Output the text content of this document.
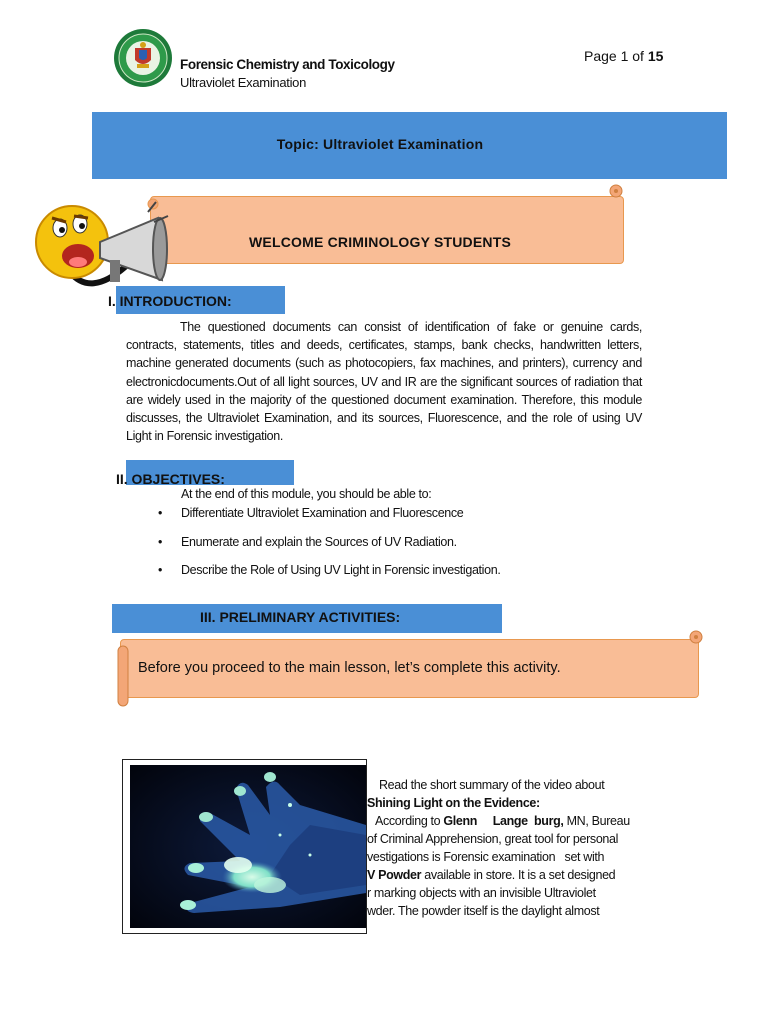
Forensic Chemistry and Toxicology
Ultraviolet Examination
Page 1 of 15
Topic: Ultraviolet Examination
WELCOME CRIMINOLOGY STUDENTS
I. INTRODUCTION:
The questioned documents can consist of identification of fake or genuine cards, contracts, statements, titles and deeds, certificates, stamps, bank checks, handwritten letters, machine generated documents (such as photocopiers, fax machines, and printers), currency and electronicdocuments.Out of all light sources, UV and IR are the significant sources of radiation that are widely used in the majority of the questioned document examination. Therefore, this module discusses, the Ultraviolet Examination, and its sources, Fluorescence, and the role of using UV Light in Forensic investigation.
II. OBJECTIVES:
At the end of this module, you should be able to:
• Differentiate Ultraviolet Examination and Fluorescence
• Enumerate and explain the Sources of UV Radiation.
• Describe the Role of Using UV Light in Forensic investigation.
III. PRELIMINARY ACTIVITIES:
Before you proceed to the main lesson, let’s complete this activity.
Read the short summary of the video about
Shining Light on the Evidence:
According to Glenn     Lange  burg, MN, Bureau
of Criminal Apprehension, great tool for personal
vestigations is Forensic examination   set with
V Powder available in store. It is a set designed
r marking objects with an invisible Ultraviolet
wder. The powder itself is the daylight almost
